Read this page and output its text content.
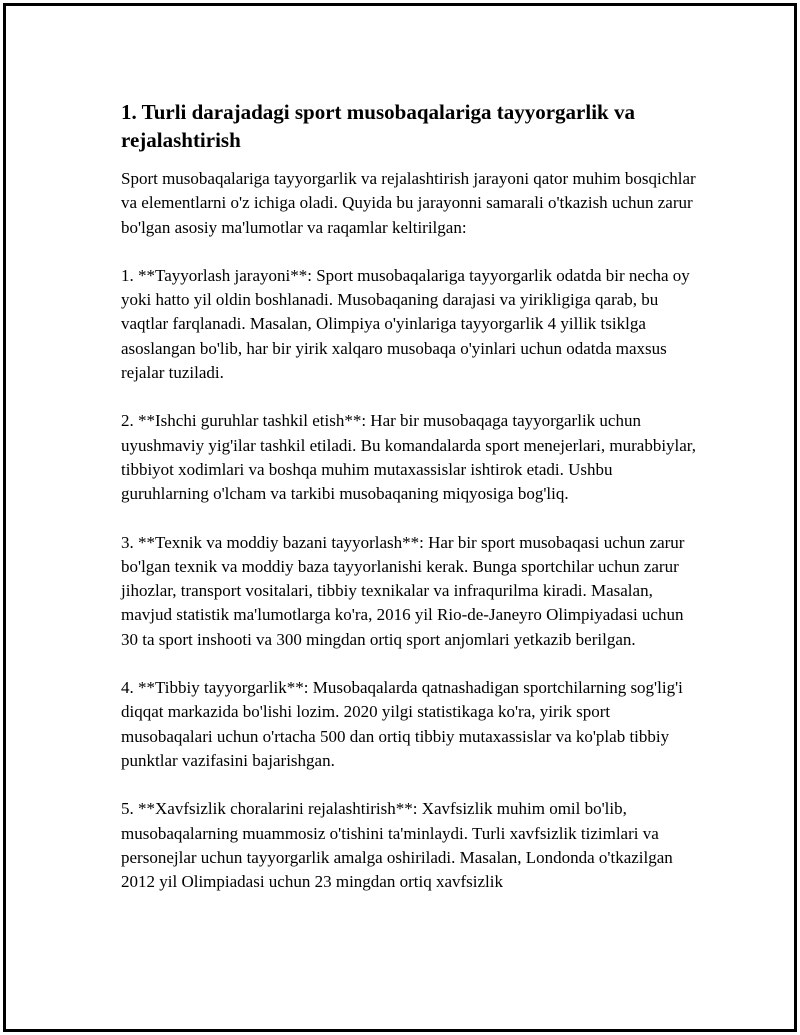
1. Turli darajadagi sport musobaqalariga tayyorgarlik va rejalashtirish

Sport musobaqalariga tayyorgarlik va rejalashtirish jarayoni qator muhim bosqichlar va elementlarni o'z ichiga oladi. Quyida bu jarayonni samarali o'tkazish uchun zarur bo'lgan asosiy ma'lumotlar va raqamlar keltirilgan:

1. **Tayyorlash jarayoni**: Sport musobaqalariga tayyorgarlik odatda bir necha oy yoki hatto yil oldin boshlanadi. Musobaqaning darajasi va yirikligiga qarab, bu vaqtlar farqlanadi. Masalan, Olimpiya o'yinlariga tayyorgarlik 4 yillik tsiklga asoslangan bo'lib, har bir yirik xalqaro musobaqa o'yinlari uchun odatda maxsus rejalar tuziladi.

2. **Ishchi guruhlar tashkil etish**: Har bir musobaqaga tayyorgarlik uchun uyushmaviy yig'ilar tashkil etiladi. Bu komandalarda sport menejerlari, murabbiylar, tibbiyot xodimlari va boshqa muhim mutaxassislar ishtirok etadi. Ushbu guruhlarning o'lcham va tarkibi musobaqaning miqyosiga bog'liq.

3. **Texnik va moddiy bazani tayyorlash**: Har bir sport musobaqasi uchun zarur bo'lgan texnik va moddiy baza tayyorlanishi kerak. Bunga sportchilar uchun zarur jihozlar, transport vositalari, tibbiy texnikalar va infraqurilma kiradi. Masalan, mavjud statistik ma'lumotlarga ko'ra, 2016 yil Rio-de-Janeyro Olimpiyadasi uchun 30 ta sport inshooti va 300 mingdan ortiq sport anjomlari yetkazib berilgan.

4. **Tibbiy tayyorgarlik**: Musobaqalarda qatnashadigan sportchilarning sog'lig'i diqqat markazida bo'lishi lozim. 2020 yilgi statistikaga ko'ra, yirik sport musobaqalari uchun o'rtacha 500 dan ortiq tibbiy mutaxassislar va ko'plab tibbiy punktlar vazifasini bajarishgan.

5. **Xavfsizlik choralarini rejalashtirish**: Xavfsizlik muhim omil bo'lib, musobaqalarning muammosiz o'tishini ta'minlaydi. Turli xavfsizlik tizimlari va personejlar uchun tayyorgarlik amalga oshiriladi. Masalan, Londonda o'tkazilgan 2012 yil Olimpiadasi uchun 23 mingdan ortiq xavfsizlik
